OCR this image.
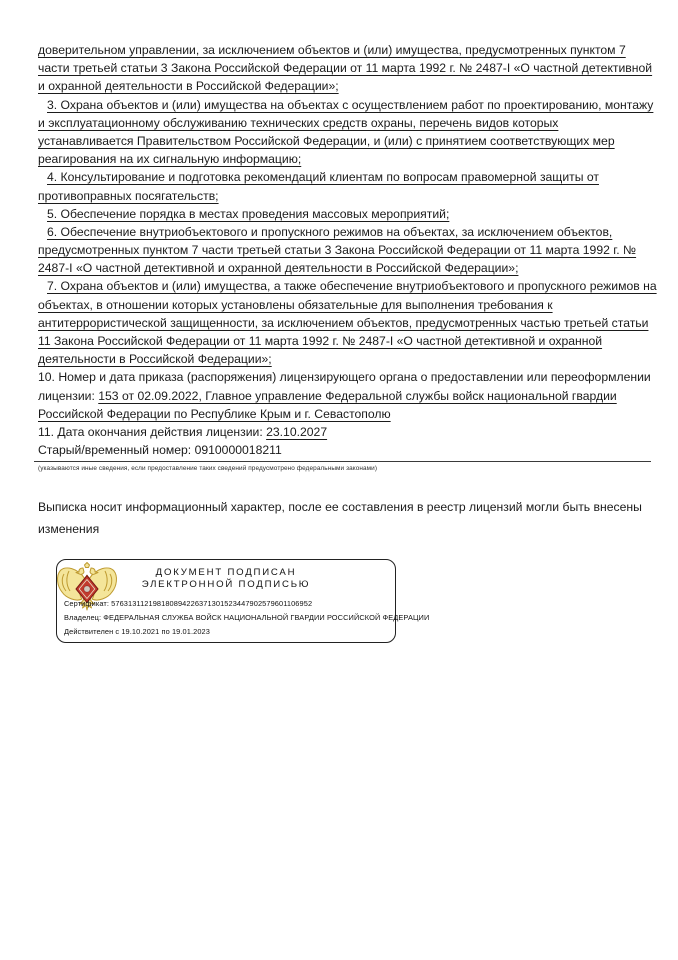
доверительном управлении, за исключением объектов и (или) имущества, предусмотренных пунктом 7
части третьей статьи 3 Закона Российской Федерации от 11 марта 1992 г. № 2487-I «О частной детективной
и охранной деятельности в Российской Федерации»;
3. Охрана объектов и (или) имущества на объектах с осуществлением работ по проектированию, монтажу
и эксплуатационному обслуживанию технических средств охраны, перечень видов которых
устанавливается Правительством Российской Федерации, и (или) с принятием соответствующих мер
реагирования на их сигнальную информацию;
4. Консультирование и подготовка рекомендаций клиентам по вопросам правомерной защиты от
противоправных посягательств;
5. Обеспечение порядка в местах проведения массовых мероприятий;
6. Обеспечение внутриобъектового и пропускного режимов на объектах, за исключением объектов,
предусмотренных пунктом 7 части третьей статьи 3 Закона Российской Федерации от 11 марта 1992 г. №
2487-I «О частной детективной и охранной деятельности в Российской Федерации»;
7. Охрана объектов и (или) имущества, а также обеспечение внутриобъектового и пропускного режимов на
объектах, в отношении которых установлены обязательные для выполнения требования к
антитеррористической защищенности, за исключением объектов, предусмотренных частью третьей статьи
11 Закона Российской Федерации от 11 марта 1992 г. № 2487-I «О частной детективной и охранной
деятельности в Российской Федерации»;
10. Номер и дата приказа (распоряжения) лицензирующего органа о предоставлении или переоформлении
лицензии: 153 от 02.09.2022, Главное управление Федеральной службы войск национальной гвардии
Российской Федерации по Республике Крым и г. Севастополю
11. Дата окончания действия лицензии: 23.10.2027
Старый/временный номер: 0910000018211
(указываются иные сведения, если предоставление таких сведений предусмотрено федеральными законами)
Выписка носит информационный характер, после ее составления в реестр лицензий могли быть внесены
изменения
ДОКУМЕНТ ПОДПИСАН
ЭЛЕКТРОННОЙ ПОДПИСЬЮ
Сертификат: 576313112198180894226371301523447902579601106952
Владелец: ФЕДЕРАЛЬНАЯ СЛУЖБА ВОЙСК НАЦИОНАЛЬНОЙ ГВАРДИИ РОССИЙСКОЙ ФЕДЕРАЦИИ
Действителен с 19.10.2021 по 19.01.2023
